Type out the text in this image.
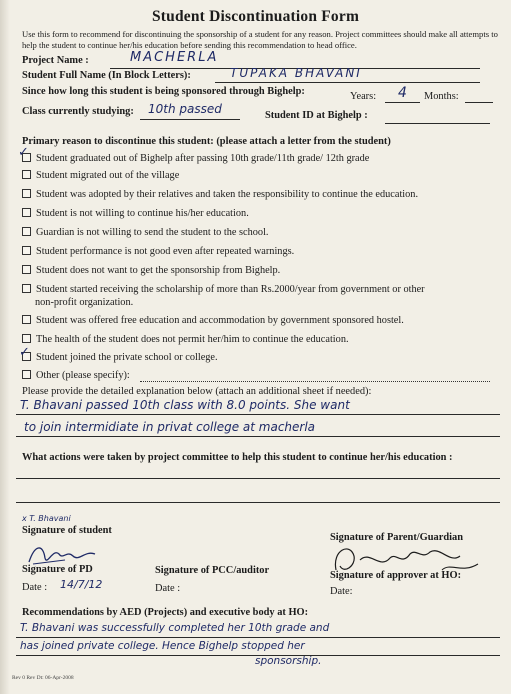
Student Discontinuation Form
Use this form to recommend for discontinuing the sponsorship of a student for any reason. Project committees should make all attempts to help the student to continue her/his education before sending this recommendation to head office.
Project Name :	MACHERLA
Student Full Name (In Block Letters):	TUPAKA BHAVANI
Since how long this student is being sponsored through Bighelp:	Years: 4 Months:
Class currently studying: 10th passed	Student ID at Bighelp :
Primary reason to discontinue this student: (please attach a letter from the student)
Student graduated out of Bighelp after passing 10th grade/11th grade/ 12th grade
✓
Student migrated out of the village
Student was adopted by their relatives and taken the responsibility to continue the education.
Student is not willing to continue his/her education.
Guardian is not willing to send the student to the school.
Student performance is not good even after repeated warnings.
Student does not want to get the sponsorship from Bighelp.
Student started receiving the scholarship of more than Rs.2000/year from government or other
non-profit organization.
Student was offered free education and accommodation by government sponsored hostel.
The health of the student does not permit her/him to continue the education.
Student joined the private school or college.
✓
Other (please specify):
Please provide the detailed explanation below (attach an additional sheet if needed):
T. Bhavani passed 10th class with 8.0 points. She want
to join intermidiate in privat college at macherla
What actions were taken by project committee to help this student to continue her/his education :
x T. Bhavani
Signature of student
Signature of Parent/Guardian
Signature of PD	Signature of PCC/auditor	Signature of approver at HO:
Date : 14/7/12	Date :	Date:
Recommendations by AED (Projects) and executive body at HO:
T. Bhavani was successfully completed her 10th grade and
has joined private college. Hence Bighelp stopped her
sponsorship.
Rev 0 Rev Dt: 06-Apr-2008
